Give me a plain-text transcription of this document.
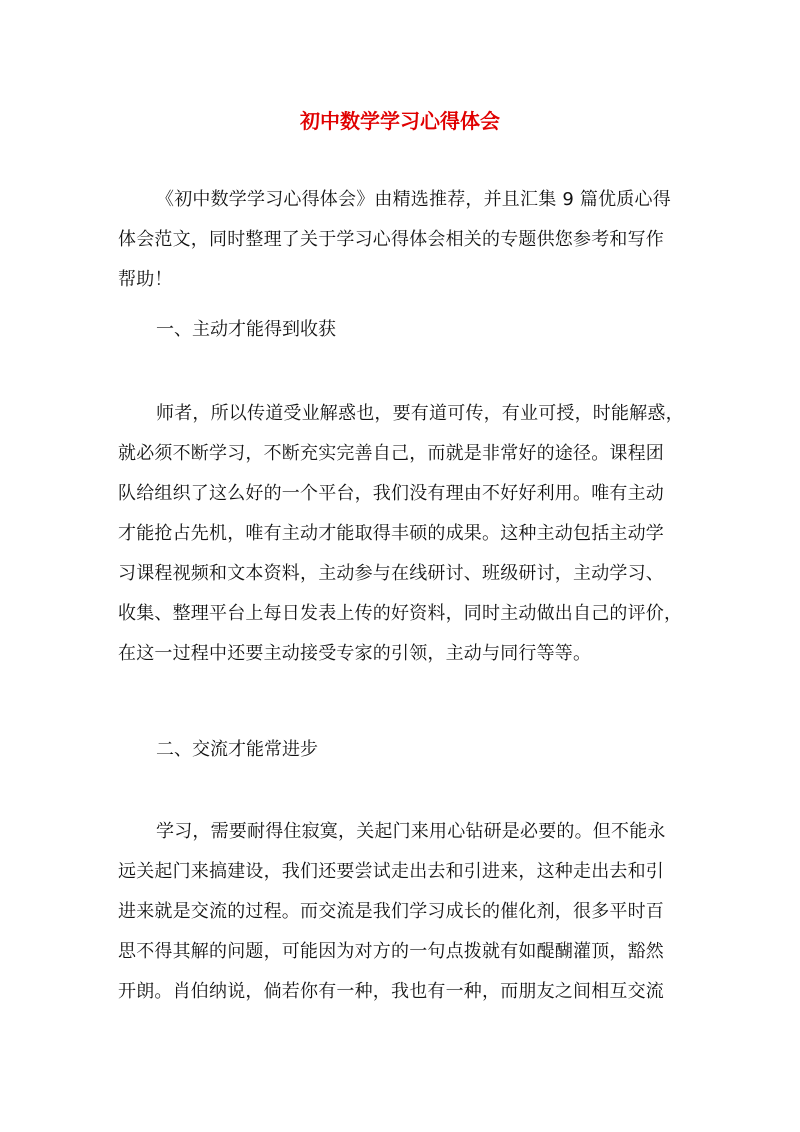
初中数学学习心得体会
《初中数学学习心得体会》由精选推荐，并且汇集 9 篇优质心得
体会范文，同时整理了关于学习心得体会相关的专题供您参考和写作
帮助！
一、主动才能得到收获
师者，所以传道受业解惑也，要有道可传，有业可授，时能解惑，
就必须不断学习，不断充实完善自己，而就是非常好的途径。课程团
队给组织了这么好的一个平台，我们没有理由不好好利用。唯有主动
才能抢占先机，唯有主动才能取得丰硕的成果。这种主动包括主动学
习课程视频和文本资料，主动参与在线研讨、班级研讨，主动学习、
收集、整理平台上每日发表上传的好资料，同时主动做出自己的评价，
在这一过程中还要主动接受专家的引领，主动与同行等等。
二、交流才能常进步
学习，需要耐得住寂寞，关起门来用心钻研是必要的。但不能永
远关起门来搞建设，我们还要尝试走出去和引进来，这种走出去和引
进来就是交流的过程。而交流是我们学习成长的催化剂，很多平时百
思不得其解的问题，可能因为对方的一句点拨就有如醍醐灌顶，豁然
开朗。肖伯纳说，倘若你有一种，我也有一种，而朋友之间相互交流
